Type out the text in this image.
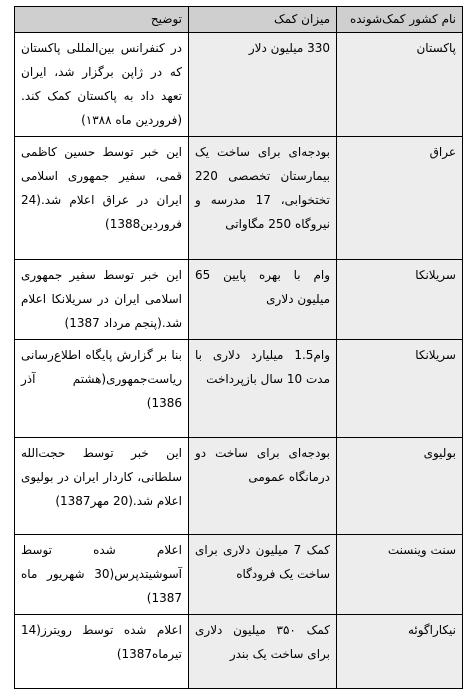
نام کشور کمک‌شونده	میزان کمک	توضیح
پاکستان	330 میلیون دلار	در کنفرانس بین‌المللی پاکستان که در ژاپن برگزار شد، ایران تعهد داد به پاکستان کمک کند. (فروردین ماه ۱۳۸۸)
عراق	بودجه‌ای برای ساخت یک بیمارستان تخصصی 220 تختخوابی، 17 مدرسه و نیروگاه 250 مگاواتی	این خبر توسط حسین کاظمی قمی، سفیر جمهوری اسلامی ایران در عراق اعلام شد.(24 فروردین1388)
سریلانکا	وام با بهره پایین 65 میلیون دلاری	این خبر توسط سفیر جمهوری اسلامی ایران در سریلانکا اعلام شد.(پنجم مرداد 1387)
سریلانکا	وام1.5 میلیارد دلاری با مدت 10 سال بازپرداخت	بنا بر گزارش پایگاه اطلاع‌رسانی ریاست‌جمهوری(هشتم آذر 1386)
بولیوی	بودجه‌ای برای ساخت دو درمانگاه عمومی	این خبر توسط حجت‌الله سلطانی، کاردار ایران در بولیوی اعلام شد.(20 مهر1387)
سنت وینسنت	کمک 7 میلیون دلاری برای ساخت یک فرودگاه	اعلام شده توسط آسوشیتدپرس(30 شهریور ماه 1387)
نیکاراگوئه	کمک ۳۵۰ میلیون دلاری برای ساخت یک بندر	اعلام شده توسط رویترز(14 تیرماه1387)
